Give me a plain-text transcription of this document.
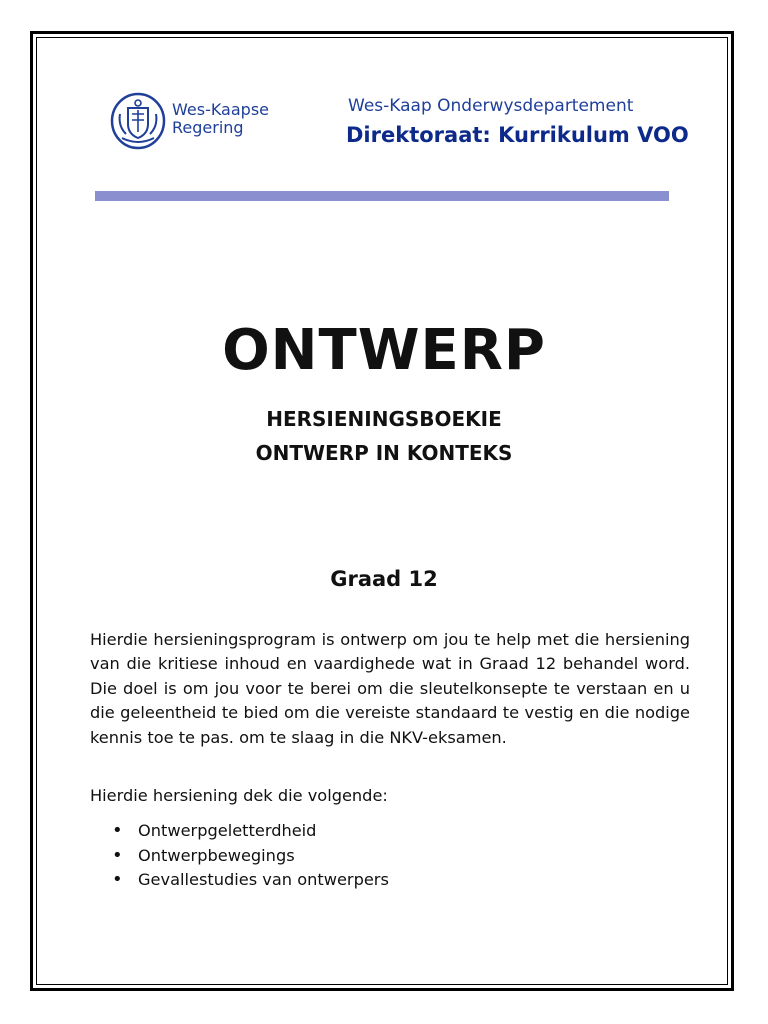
Wes-Kaapse
Regering
Wes-Kaap Onderwysdepartement
Direktoraat: Kurrikulum VOO
ONTWERP
HERSIENINGSBOEKIE
ONTWERP IN KONTEKS
Graad 12

Hierdie hersieningsprogram is ontwerp om jou te help met die hersiening van die kritiese inhoud en vaardighede wat in Graad 12 behandel word. Die doel is om jou voor te berei om die sleutelkonsepte te verstaan en u die geleentheid te bied om die vereiste standaard te vestig en die nodige kennis toe te pas. om te slaag in die NKV-eksamen.

Hierdie hersiening dek die volgende:

• Ontwerpgeletterdheid
• Ontwerpbewegings
• Gevallestudies van ontwerpers
